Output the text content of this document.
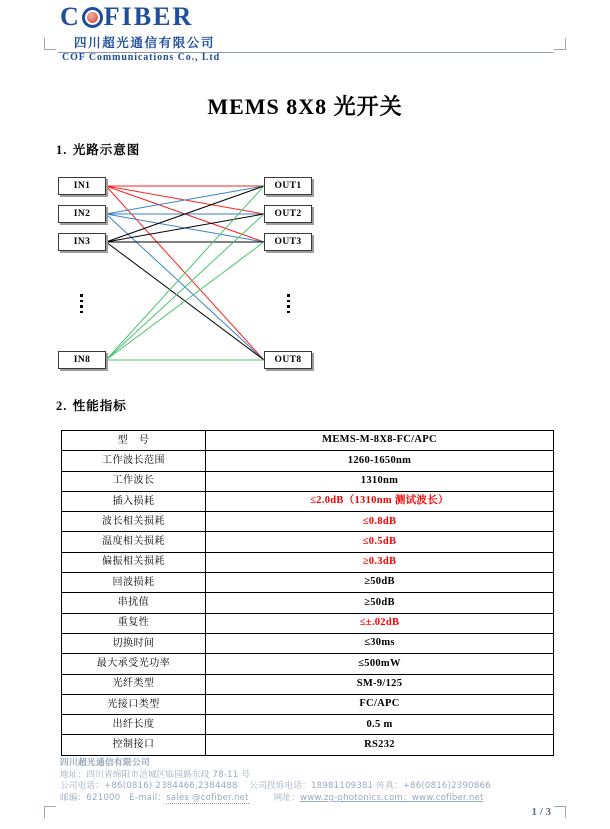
C FIBER
四川超光通信有限公司
COF Communications Co., Ltd
MEMS 8X8 光开关
1. 光路示意图
IN1
IN2
IN3
IN8
OUT1
OUT2
OUT3
OUT8
2. 性能指标
型　号	MEMS-M-8X8-FC/APC
工作波长范围	1260-1650nm
工作波长	1310nm
插入损耗	≤2.0dB（1310nm 测试波长）
波长相关损耗	≤0.8dB
温度相关损耗	≤0.5dB
偏振相关损耗	≥0.3dB
回波损耗	≥50dB
串扰值	≥50dB
重复性	≤±.02dB
切换时间	≤30ms
最大承受光功率	≤500mW
光纤类型	SM-9/125
光接口类型	FC/APC
出纤长度	0.5 m
控制接口	RS232
四川超光通信有限公司
地址：四川省绵阳市涪城区临园路东段 78-11 号
公司电话：+86(0816) 2384466,2384488　 公司投诉电话：18981109381 传真：+86(0816)2390866
邮编：621000　E-mail：sales @cofiber.net	网址：www.zg-photonics.com；www.cofiber.net
1 / 3
